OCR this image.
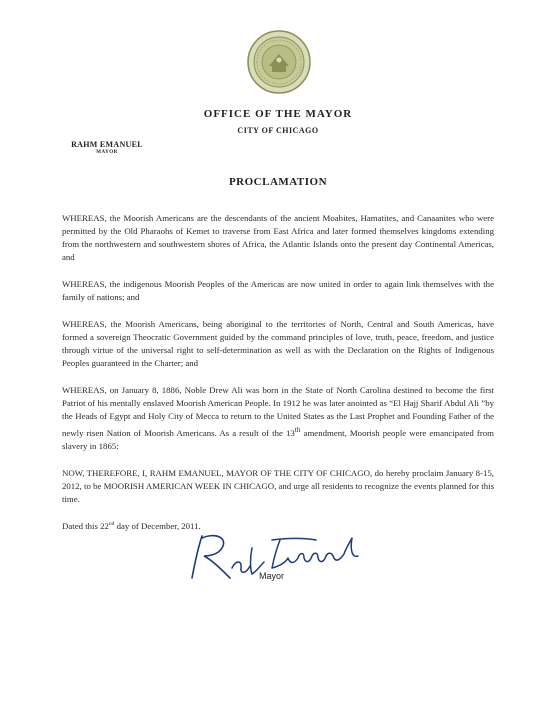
OFFICE OF THE MAYOR
CITY OF CHICAGO
RAHM EMANUEL
MAYOR
PROCLAMATION

WHEREAS, the Moorish Americans are the descendants of the ancient Moabites, Hamatites, and Canaanites who were permitted by the Old Pharaohs of Kemet to traverse from East Africa and later formed themselves kingdoms extending from the northwestern and southwestern shores of Africa, the Atlantic Islands onto the present day Continental Americas, and

WHEREAS, the indigenous Moorish Peoples of the Americas are now united in order to again link themselves with the family of nations; and

WHEREAS, the Moorish Americans, being aboriginal to the territories of North, Central and South Americas, have formed a sovereign Theocratic Government guided by the command principles of love, truth, peace, freedom, and justice through virtue of the universal right to self-determination as well as with the Declaration on the Rights of Indigenous Peoples guaranteed in the Charter; and

WHEREAS, on January 8, 1886, Noble Drew Ali was born in the State of North Carolina destined to become the first Patriot of his mentally enslaved Moorish American People. In 1912 he was later anointed as “El Hajj Sharif Abdul Ali ”by the Heads of Egypt and Holy City of Mecca to return to the United States as the Last Prophet and Founding Father of the newly risen Nation of Moorish Americans. As a result of the 13th amendment, Moorish people were emancipated from slavery in 1865:

NOW, THEREFORE, I, RAHM EMANUEL, MAYOR OF THE CITY OF CHICAGO, do hereby proclaim January 8-15, 2012, to be MOORISH AMERICAN WEEK IN CHICAGO, and urge all residents to recognize the events planned for this time.

Dated this 22nd day of December, 2011.
Mayor
